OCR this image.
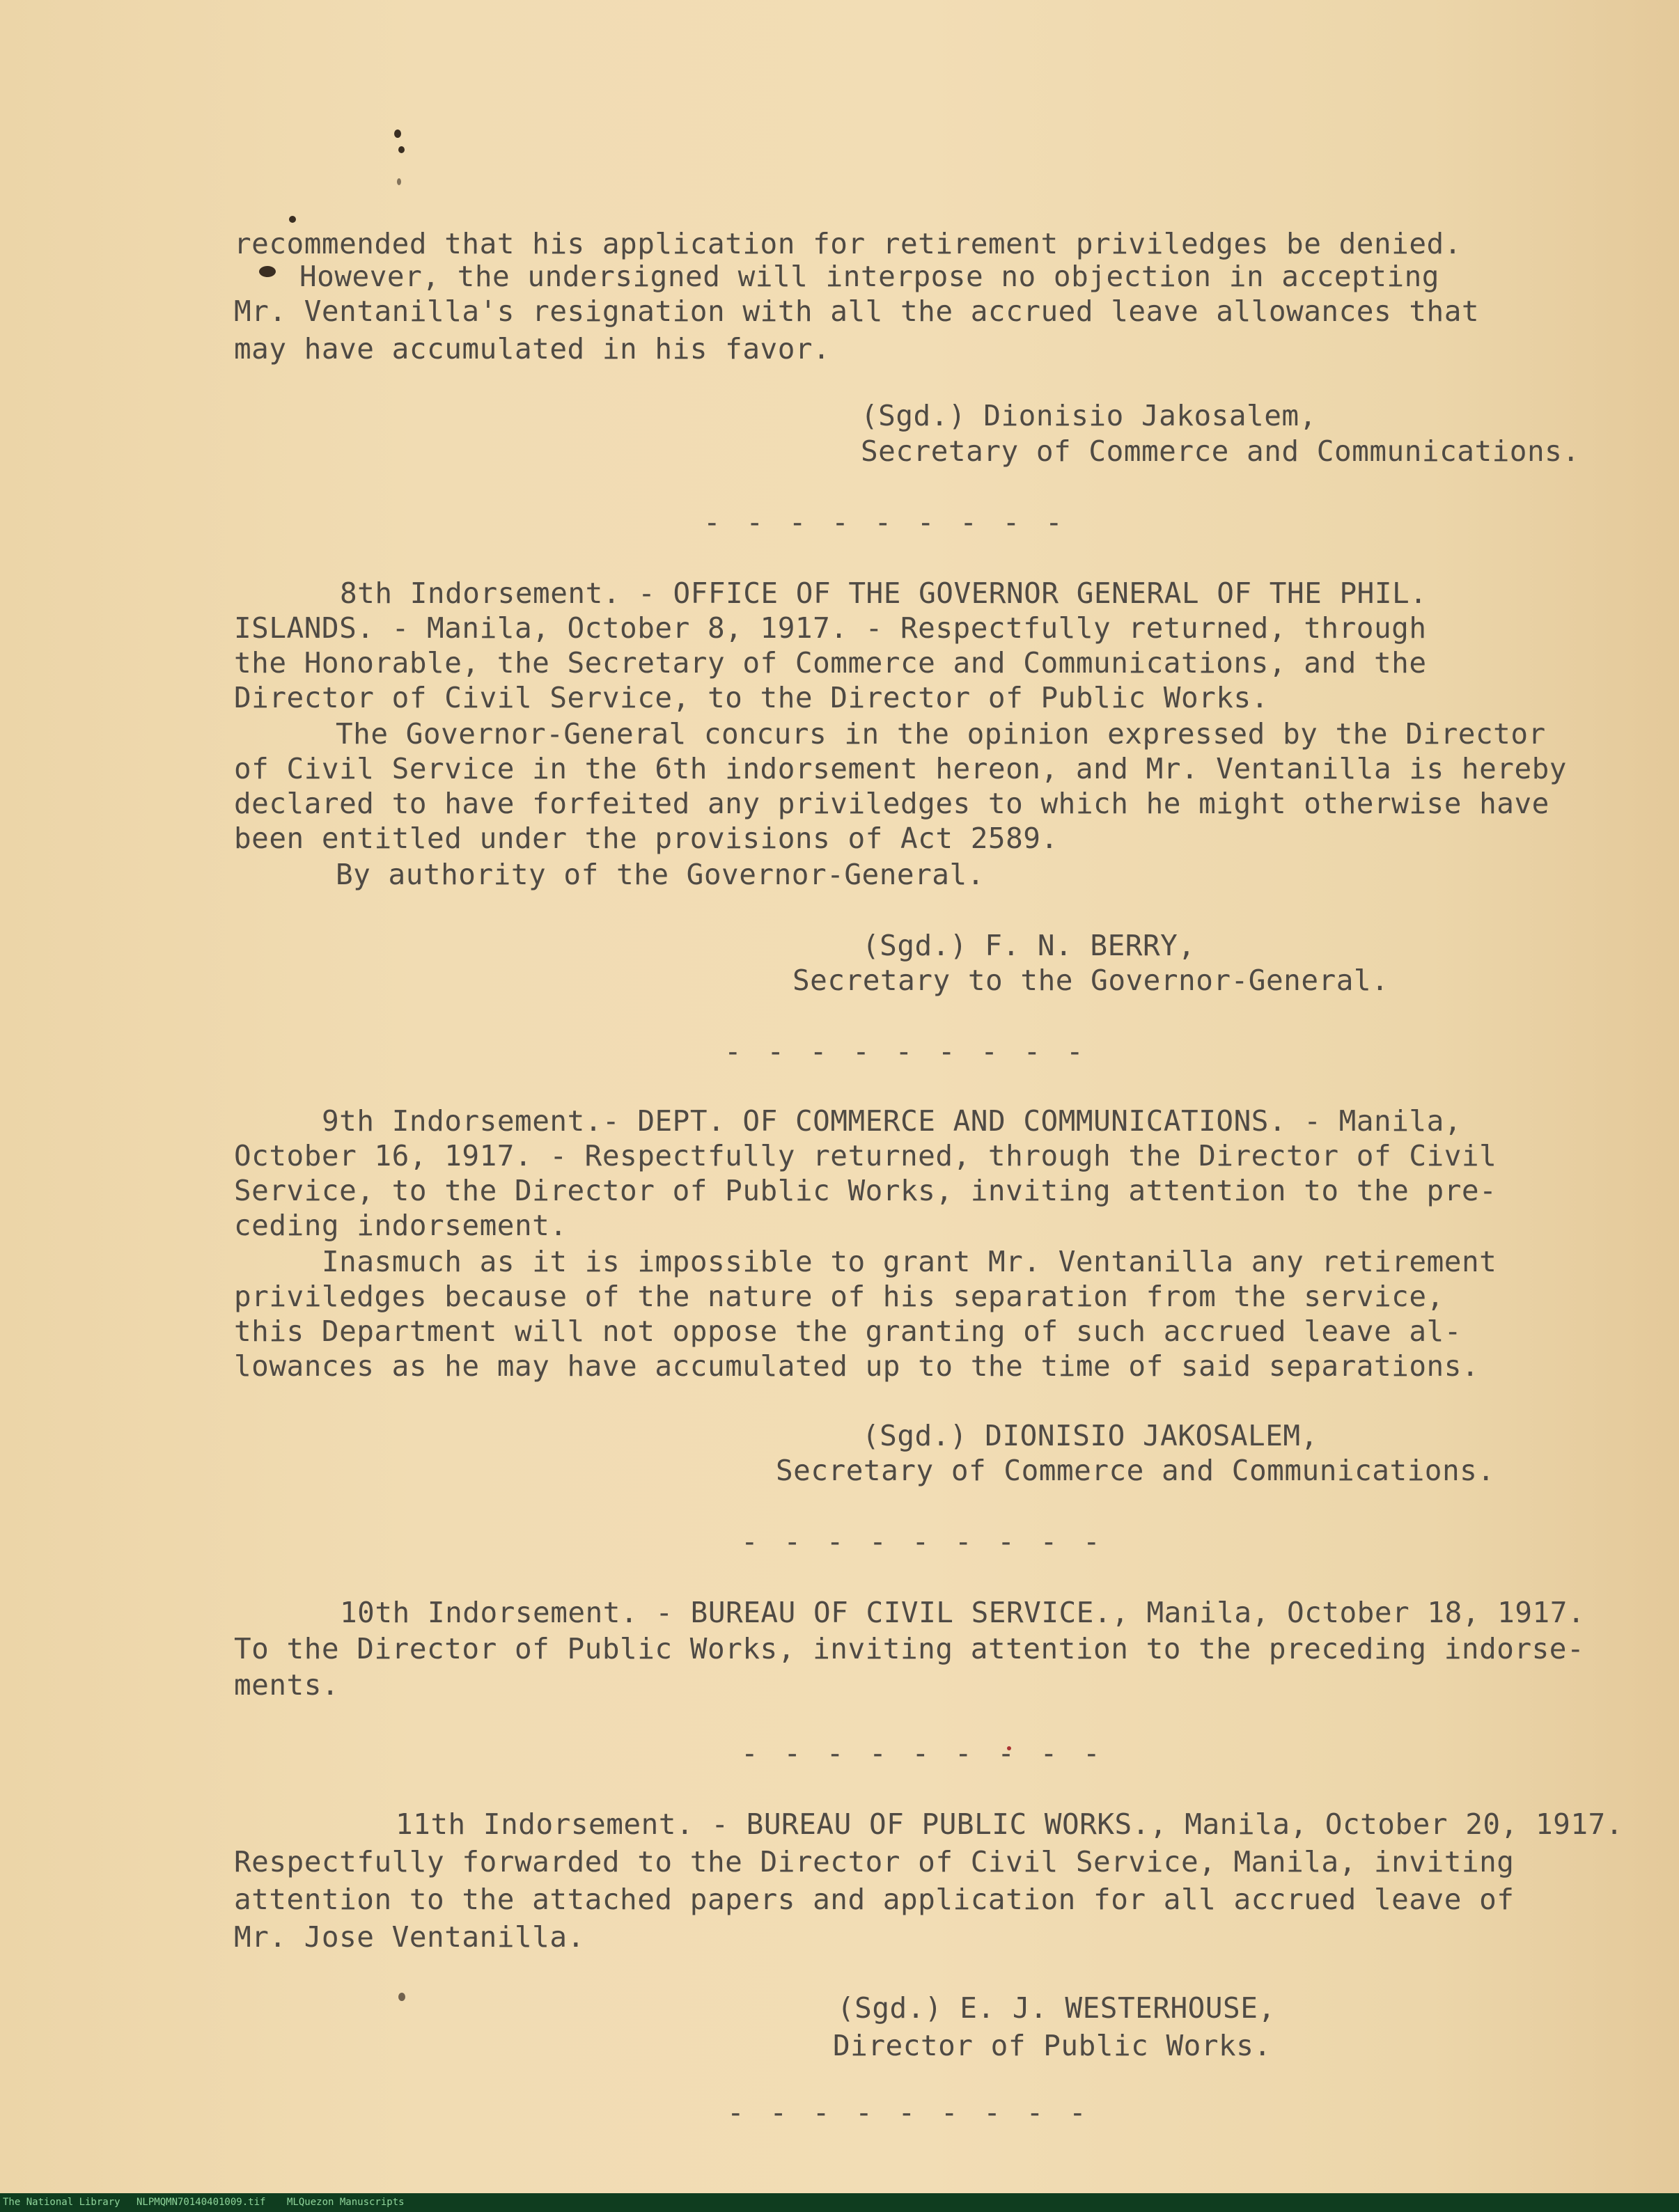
recommended that his application for retirement priviledges be denied.
However, the undersigned will interpose no objection in accepting
Mr. Ventanilla's resignation with all the accrued leave allowances that
may have accumulated in his favor.
(Sgd.) Dionisio Jakosalem,
Secretary of Commerce and Communications.
- - - - - - - - -
8th Indorsement. - OFFICE OF THE GOVERNOR GENERAL OF THE PHIL.
ISLANDS. - Manila, October 8, 1917. - Respectfully returned, through
the Honorable, the Secretary of Commerce and Communications, and the
Director of Civil Service, to the Director of Public Works.
The Governor-General concurs in the opinion expressed by the Director
of Civil Service in the 6th indorsement hereon, and Mr. Ventanilla is hereby
declared to have forfeited any priviledges to which he might otherwise have
been entitled under the provisions of Act 2589.
By authority of the Governor-General.
(Sgd.) F. N. BERRY,
Secretary to the Governor-General.
- - - - - - - - -
9th Indorsement.- DEPT. OF COMMERCE AND COMMUNICATIONS. - Manila,
October 16, 1917. - Respectfully returned, through the Director of Civil
Service, to the Director of Public Works, inviting attention to the pre-
ceding indorsement.
Inasmuch as it is impossible to grant Mr. Ventanilla any retirement
priviledges because of the nature of his separation from the service,
this Department will not oppose the granting of such accrued leave al-
lowances as he may have accumulated up to the time of said separations.
(Sgd.) DIONISIO JAKOSALEM,
Secretary of Commerce and Communications.
- - - - - - - - -
10th Indorsement. - BUREAU OF CIVIL SERVICE., Manila, October 18, 1917.
To the Director of Public Works, inviting attention to the preceding indorse-
ments.
- - - - - - - - -
11th Indorsement. - BUREAU OF PUBLIC WORKS., Manila, October 20, 1917.
Respectfully forwarded to the Director of Civil Service, Manila, inviting
attention to the attached papers and application for all accrued leave of
Mr. Jose Ventanilla.
(Sgd.) E. J. WESTERHOUSE,
Director of Public Works.
- - - - - - - - -
The National Library NLPMQMN70140401009.tif MLQuezon Manuscripts
